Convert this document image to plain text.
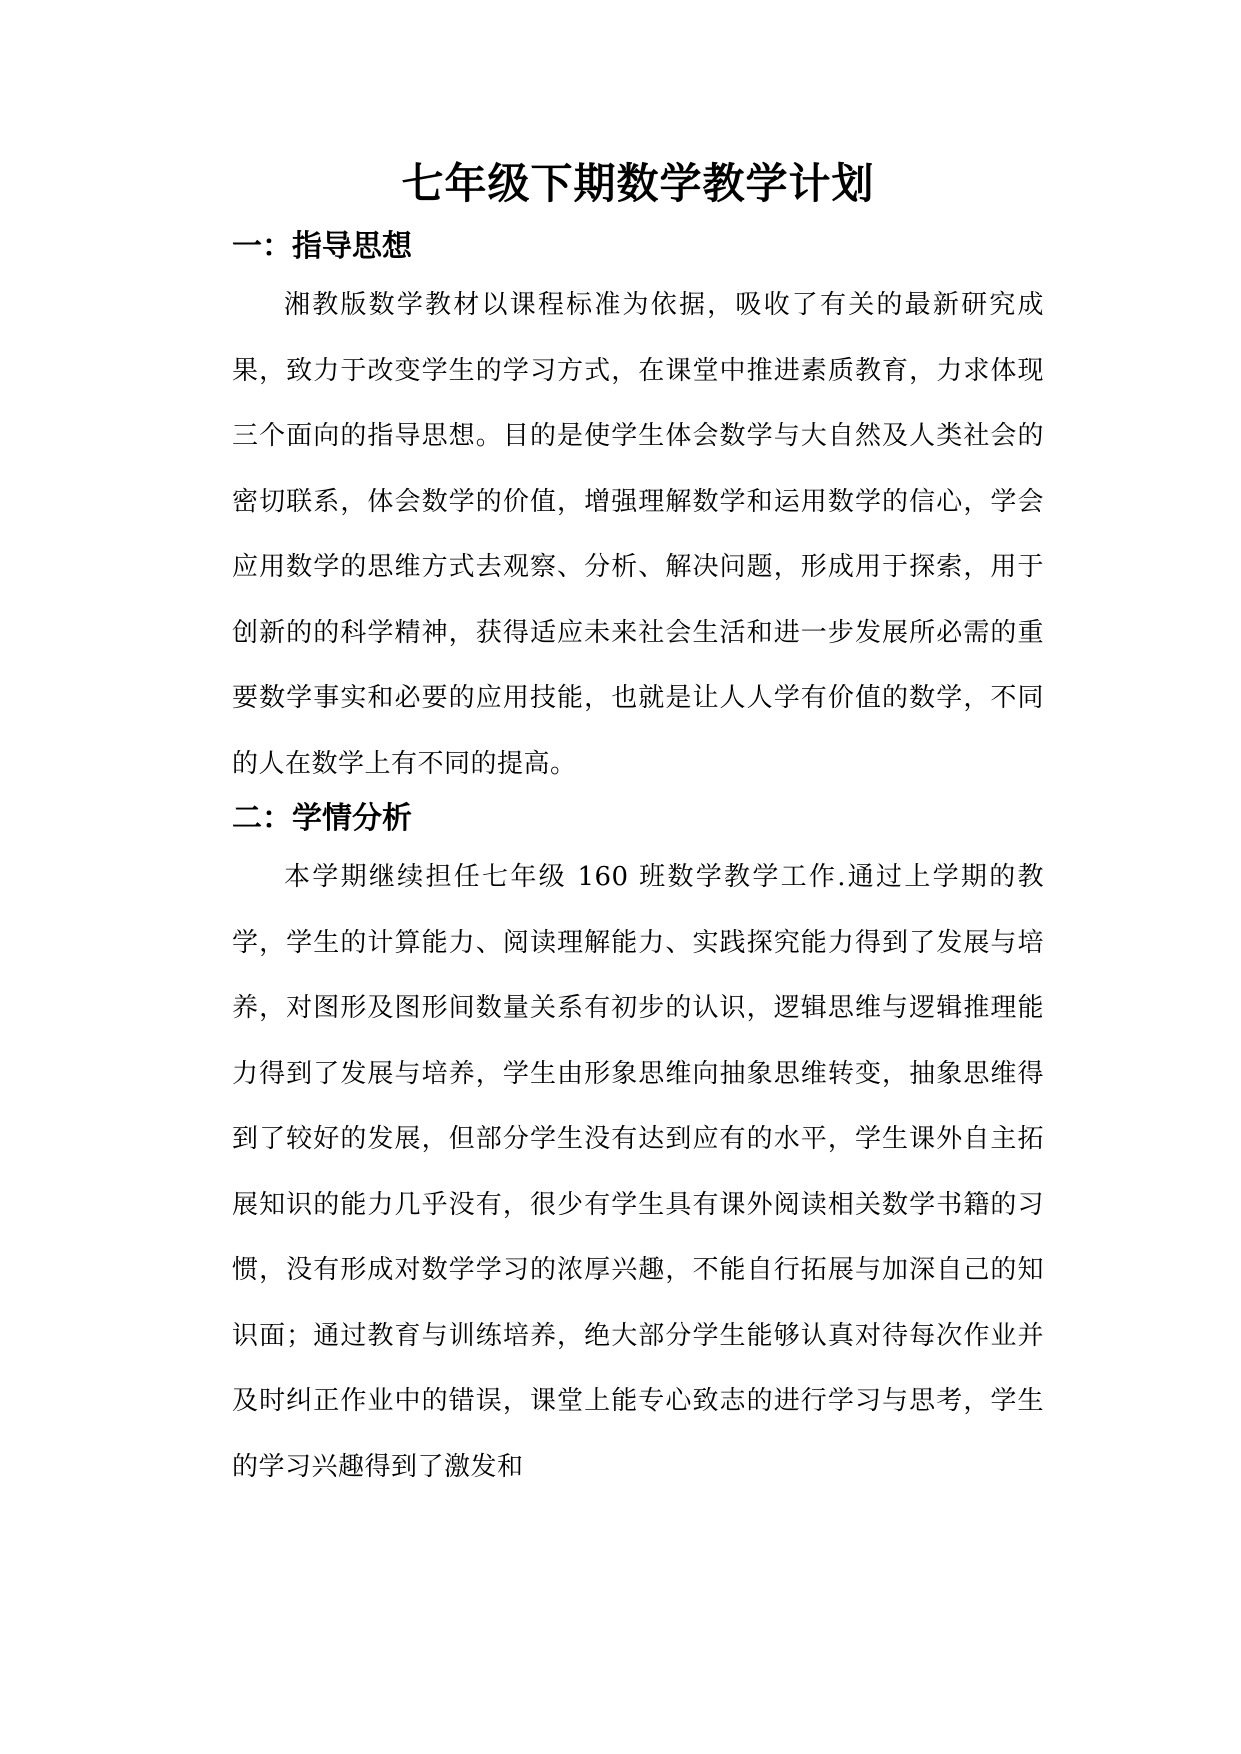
七年级下期数学教学计划
一：指导思想

湘教版数学教材以课程标准为依据，吸收了有关的最新研究成果，致力于改变学生的学习方式，在课堂中推进素质教育，力求体现三个面向的指导思想。目的是使学生体会数学与大自然及人类社会的密切联系，体会数学的价值，增强理解数学和运用数学的信心，学会应用数学的思维方式去观察、分析、解决问题，形成用于探索，用于创新的的科学精神，获得适应未来社会生活和进一步发展所必需的重要数学事实和必要的应用技能，也就是让人人学有价值的数学，不同的人在数学上有不同的提高。

二：学情分析

本学期继续担任七年级 160 班数学教学工作.通过上学期的教学，学生的计算能力、阅读理解能力、实践探究能力得到了发展与培养，对图形及图形间数量关系有初步的认识，逻辑思维与逻辑推理能力得到了发展与培养，学生由形象思维向抽象思维转变，抽象思维得到了较好的发展，但部分学生没有达到应有的水平，学生课外自主拓展知识的能力几乎没有，很少有学生具有课外阅读相关数学书籍的习惯，没有形成对数学学习的浓厚兴趣，不能自行拓展与加深自己的知识面；通过教育与训练培养，绝大部分学生能够认真对待每次作业并及时纠正作业中的错误，课堂上能专心致志的进行学习与思考，学生的学习兴趣得到了激发和
